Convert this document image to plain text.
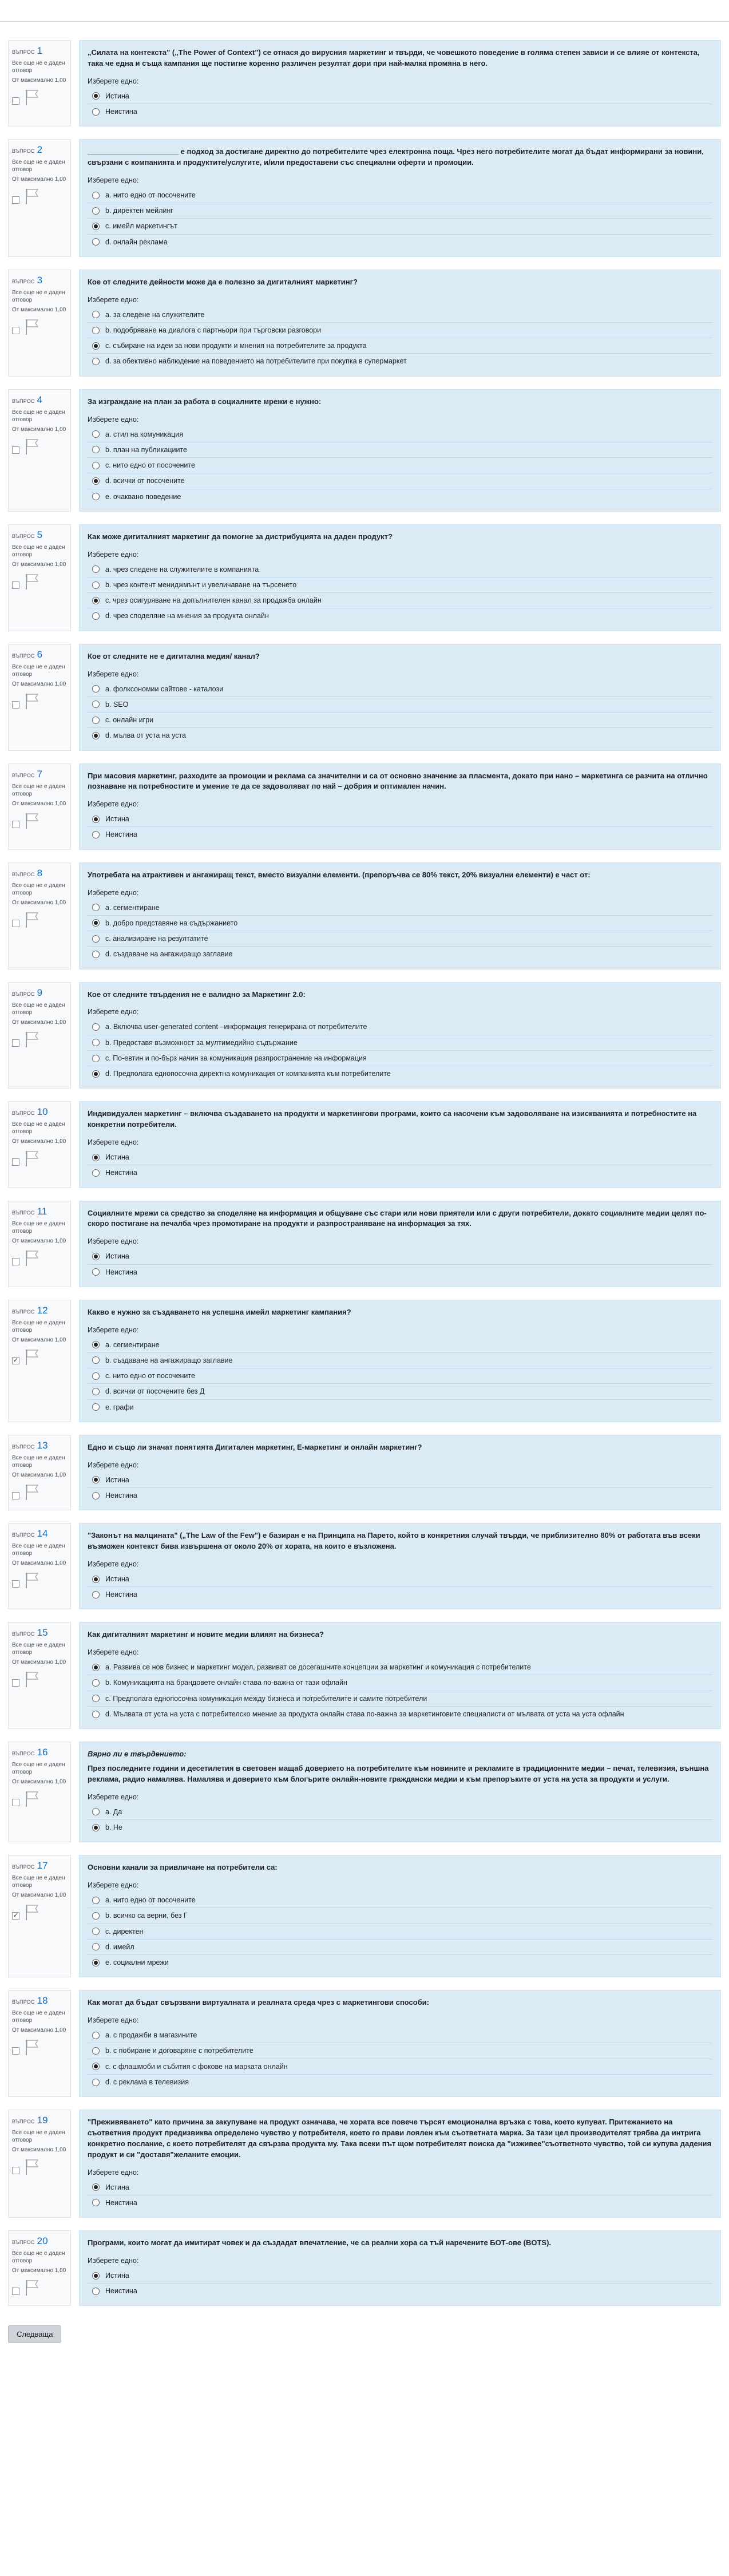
ВЪПРОС 1
Все още не е даден отговор
От максимално 1,00

„Силата на контекста" („The Power of Context") се отнася до вирусния маркетинг и твърди, че човешкото поведение в голяма степен зависи и се влияе от контекста, така че една и съща кампания ще постигне коренно различен резултат дори при най-малка промяна в него.

Изберете едно:
Истина
Неистина
ВЪПРОС 2
Все още не е даден отговор
От максимално 1,00

______________________ е подход за достигане директно до потребителите чрез електронна поща. Чрез него потребителите могат да бъдат информирани за новини, свързани с компанията и продуктите/услугите, и/или предоставени със специални оферти и промоции.

Изберете едно:
a. нито едно от посочените
b. директен мейлинг
c. имейл маркетингът
d. онлайн реклама
ВЪПРОС 3
Все още не е даден отговор
От максимално 1,00

Кое от следните дейности може да е полезно за дигиталният маркетинг?

Изберете едно:
a. за следене на служителите
b. подобряване на диалога с партньори при търговски разговори
c. събиране на идеи за нови продукти и мнения на потребителите за продукта
d. за обективно наблюдение на поведението на потребителите при покупка в супермаркет
ВЪПРОС 4
Все още не е даден отговор
От максимално 1,00

За изграждане на план за работа в социалните мрежи е нужно:

Изберете едно:
a. стил на комуникация
b. план на публикациите
c. нито едно от посочените
d. всички от посочените
e. очаквано поведение
ВЪПРОС 5
Все още не е даден отговор
От максимално 1,00

Как може дигиталният маркетинг да помогне за дистрибуцията на даден продукт?

Изберете едно:
a. чрез следене на служителите в компанията
b. чрез контент мениджмънт и увеличаване на търсенето
c. чрез осигуряване на допълнителен канал за продажба онлайн
d. чрез споделяне на мнения за продукта онлайн
ВЪПРОС 6
Все още не е даден отговор
От максимално 1,00

Кое от следните не е дигитална медия/ канал?

Изберете едно:
a. фолксономии сайтове - каталози
b. SEO
c. онлайн игри
d. мълва от уста на уста
ВЪПРОС 7
Все още не е даден отговор
От максимално 1,00

При масовия маркетинг, разходите за промоции и реклама са значителни и са от основно значение за пласмента, докато при нано – маркетинга се разчита на отлично познаване на потребностите и умение те да се задоволяват по най – добрия и оптимален начин.

Изберете едно:
Истина
Неистина
ВЪПРОС 8
Все още не е даден отговор
От максимално 1,00

Употребата на атрактивен и ангажиращ текст, вместо визуални елементи. (препоръчва се 80% текст, 20% визуални елементи) е част от:

Изберете едно:
a. сегментиране
b. добро представяне на съдържанието
c. анализиране на резултатите
d. създаване на ангажиращо заглавие
ВЪПРОС 9
Все още не е даден отговор
От максимално 1,00

Кое от следните твърдения не е валидно за Маркетинг 2.0:

Изберете едно:
a. Включва user-generated content –информация генерирана от потребителите
b. Предоставя възможност за мултимедийно съдържание
c. По-евтин и по-бърз начин за комуникация разпространение на информация
d. Предполага еднопосочна директна комуникация от компанията към потребителите
ВЪПРОС 10
Все още не е даден отговор
От максимално 1,00

Индивидуален маркетинг – включва създаването на продукти и маркетингови програми, които са насочени към задоволяване на изискванията и потребностите на конкретни потребители.

Изберете едно:
Истина
Неистина
ВЪПРОС 11
Все още не е даден отговор
От максимално 1,00

Социалните мрежи са средство за споделяне на информация и общуване със стари или нови приятели или с други потребители, докато социалните медии целят по-скоро постигане на печалба чрез промотиране на продукти и разпространяване на информация за тях.

Изберете едно:
Истина
Неистина
ВЪПРОС 12
Все още не е даден отговор
От максимално 1,00
✓

Какво е нужно за създаването на успешна имейл маркетинг кампания?

Изберете едно:
a. сегментиране
b. създаване на ангажиращо заглавие
c. нито едно от посочените
d. всички от посочените без Д
e. графи
ВЪПРОС 13
Все още не е даден отговор
От максимално 1,00

Едно и също ли значат понятията Дигитален маркетинг, Е-маркетинг и онлайн маркетинг?

Изберете едно:
Истина
Неистина
ВЪПРОС 14
Все още не е даден отговор
От максимално 1,00

"Законът на малцината" („The Law of the Few") е базиран е на Принципа на Парето, който в конкретния случай твърди, че приблизително 80% от работата във всеки възможен контекст бива извършена от около 20% от хората, на които е възложена.

Изберете едно:
Истина
Неистина
ВЪПРОС 15
Все още не е даден отговор
От максимално 1,00

Как дигиталният маркетинг и новите медии влияят на бизнеса?

Изберете едно:
a. Развива се нов бизнес и маркетинг модел, развиват се досегашните концепции за маркетинг и комуникация с потребителите
b. Комуникацията на брандовете онлайн става по-важна от тази офлайн
c. Предполага еднопосочна комуникация между бизнеса и потребителите и самите потребители
d. Мълвата от уста на уста с потребителско мнение за продукта онлайн става по-важна за маркетинговите специалисти от мълвата от уста на уста офлайн
ВЪПРОС 16
Все още не е даден отговор
От максимално 1,00

Вярно ли е твърдението:

През последните години и десетилетия в световен мащаб доверието на потребителите към новините и рекламите в традиционните медии – печат, телевизия, външна реклама, радио намалява. Намалява и доверието към блогърите онлайн-новите граждански медии и към препоръките от уста на уста за продукти и услуги.

Изберете едно:
a. Да
b. Не
ВЪПРОС 17
Все още не е даден отговор
От максимално 1,00
✓

Основни канали за привличане на потребители са:

Изберете едно:
a. нито едно от посочените
b. всичко са верни, без Г
c. директен
d. имейл
e. социални мрежи
ВЪПРОС 18
Все още не е даден отговор
От максимално 1,00

Как могат да бъдат свързвани виртуалната и реалната среда чрез с маркетингови способи:

Изберете едно:
a. с продажби в магазините
b. с побиране и договаряне с потребителите
c. с флашмоби и събития с фокове на марката онлайн
d. с реклама в телевизия
ВЪПРОС 19
Все още не е даден отговор
От максимално 1,00

"Преживяването" като причина за закупуване на продукт означава, че хората все повече търсят емоционална връзка с това, което купуват. Притежанието на съответния продукт предизвиква определено чувство у потребителя, което го прави лоялен към съответната марка. За тази цел производителят трябва да интрига конкретно послание, с което потребителят да свързва продукта му. Така всеки път щом потребителят поиска да "изживее"съответното чувство, той си купува дадения продукт и си "доставя"желаните емоции.

Изберете едно:
Истина
Неистина
ВЪПРОС 20
Все още не е даден отговор
От максимално 1,00

Програми, които могат да имитират човек и да създадат впечатление, че са реални хора са тъй наречените БОТ-ове (BOTS).

Изберете едно:
Истина
Неистина
Следваща
